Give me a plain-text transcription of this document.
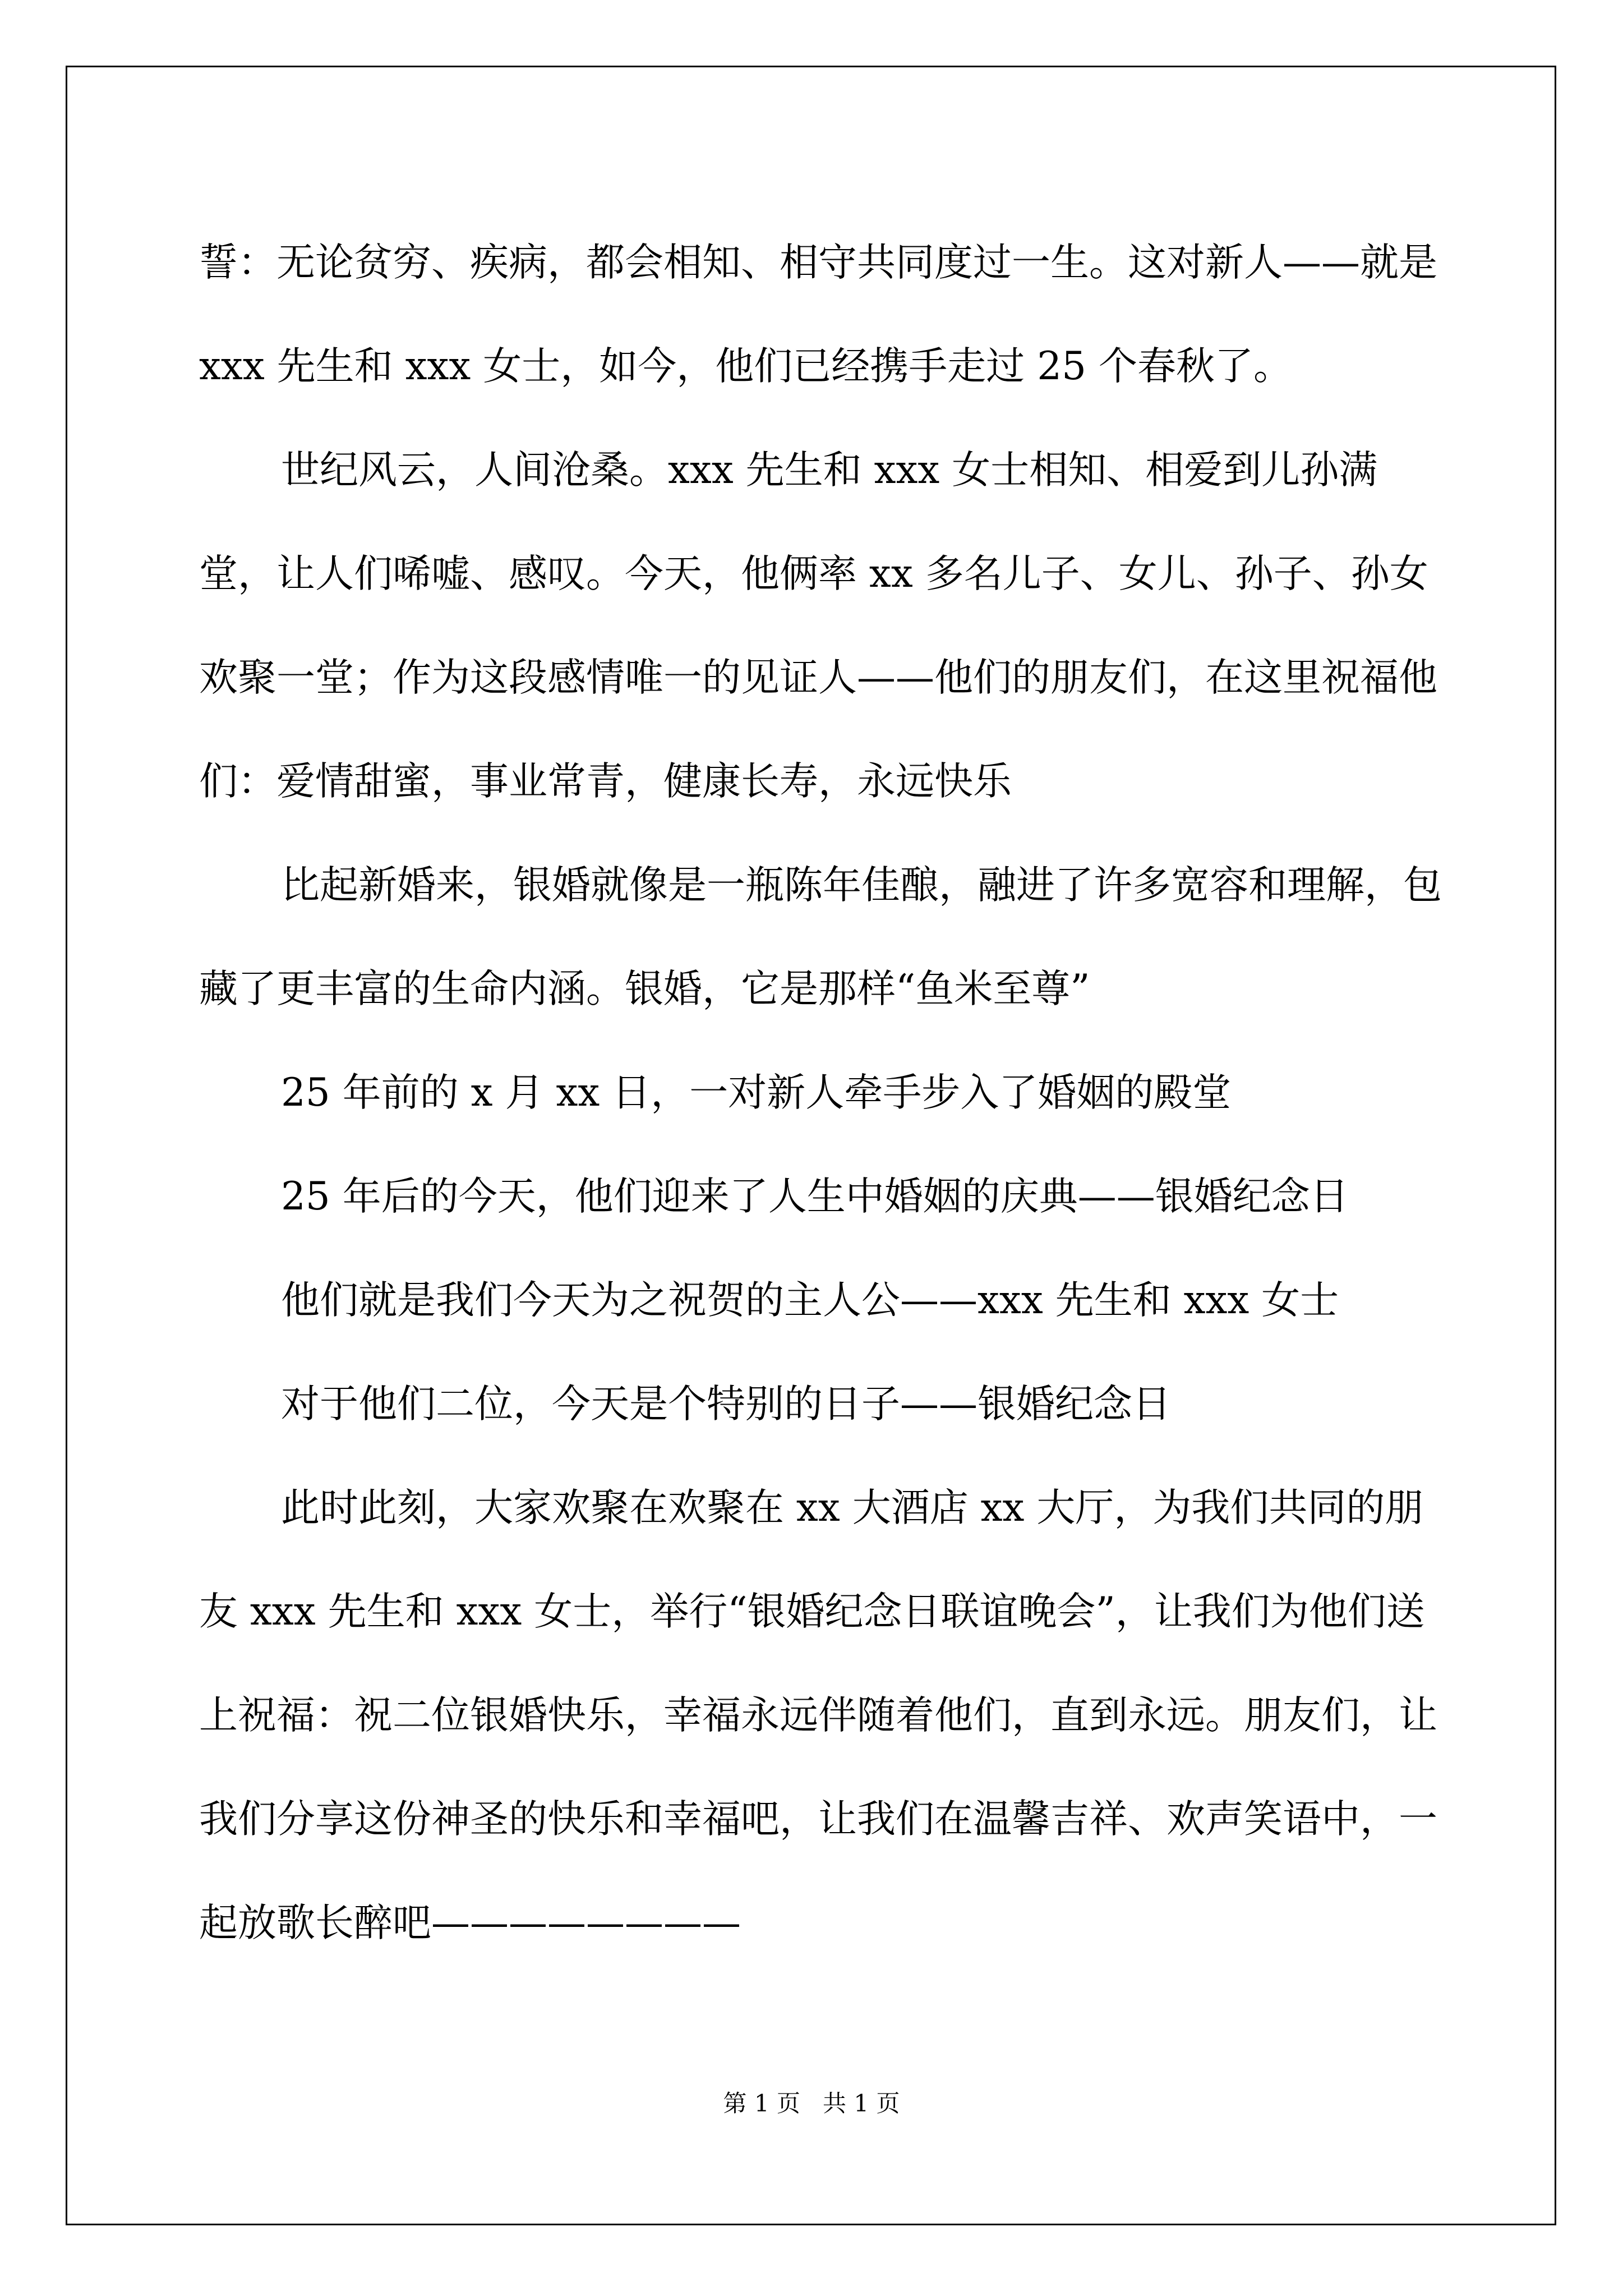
誓：无论贫穷、疾病，都会相知、相守共同度过一生。这对新人——就是 xxx 先生和 xxx 女士，如今，他们已经携手走过 25 个春秋了。

世纪风云，人间沧桑。xxx 先生和 xxx 女士相知、相爱到儿孙满堂，让人们唏嘘、感叹。今天，他俩率 xx 多名儿子、女儿、孙子、孙女欢聚一堂；作为这段感情唯一的见证人——他们的朋友们，在这里祝福他们：爱情甜蜜，事业常青，健康长寿，永远快乐

比起新婚来，银婚就像是一瓶陈年佳酿，融进了许多宽容和理解，包藏了更丰富的生命内涵。银婚，它是那样“鱼米至尊”

25 年前的 x 月 xx 日，一对新人牵手步入了婚姻的殿堂

25 年后的今天，他们迎来了人生中婚姻的庆典——银婚纪念日

他们就是我们今天为之祝贺的主人公——xxx 先生和 xxx 女士

对于他们二位，今天是个特别的日子——银婚纪念日

此时此刻，大家欢聚在欢聚在 xx 大酒店 xx 大厅，为我们共同的朋友 xxx 先生和 xxx 女士，举行“银婚纪念日联谊晚会”，让我们为他们送上祝福：祝二位银婚快乐，幸福永远伴随着他们，直到永远。朋友们，让我们分享这份神圣的快乐和幸福吧，让我们在温馨吉祥、欢声笑语中，一起放歌长醉吧————————

第 1 页   共 1 页
